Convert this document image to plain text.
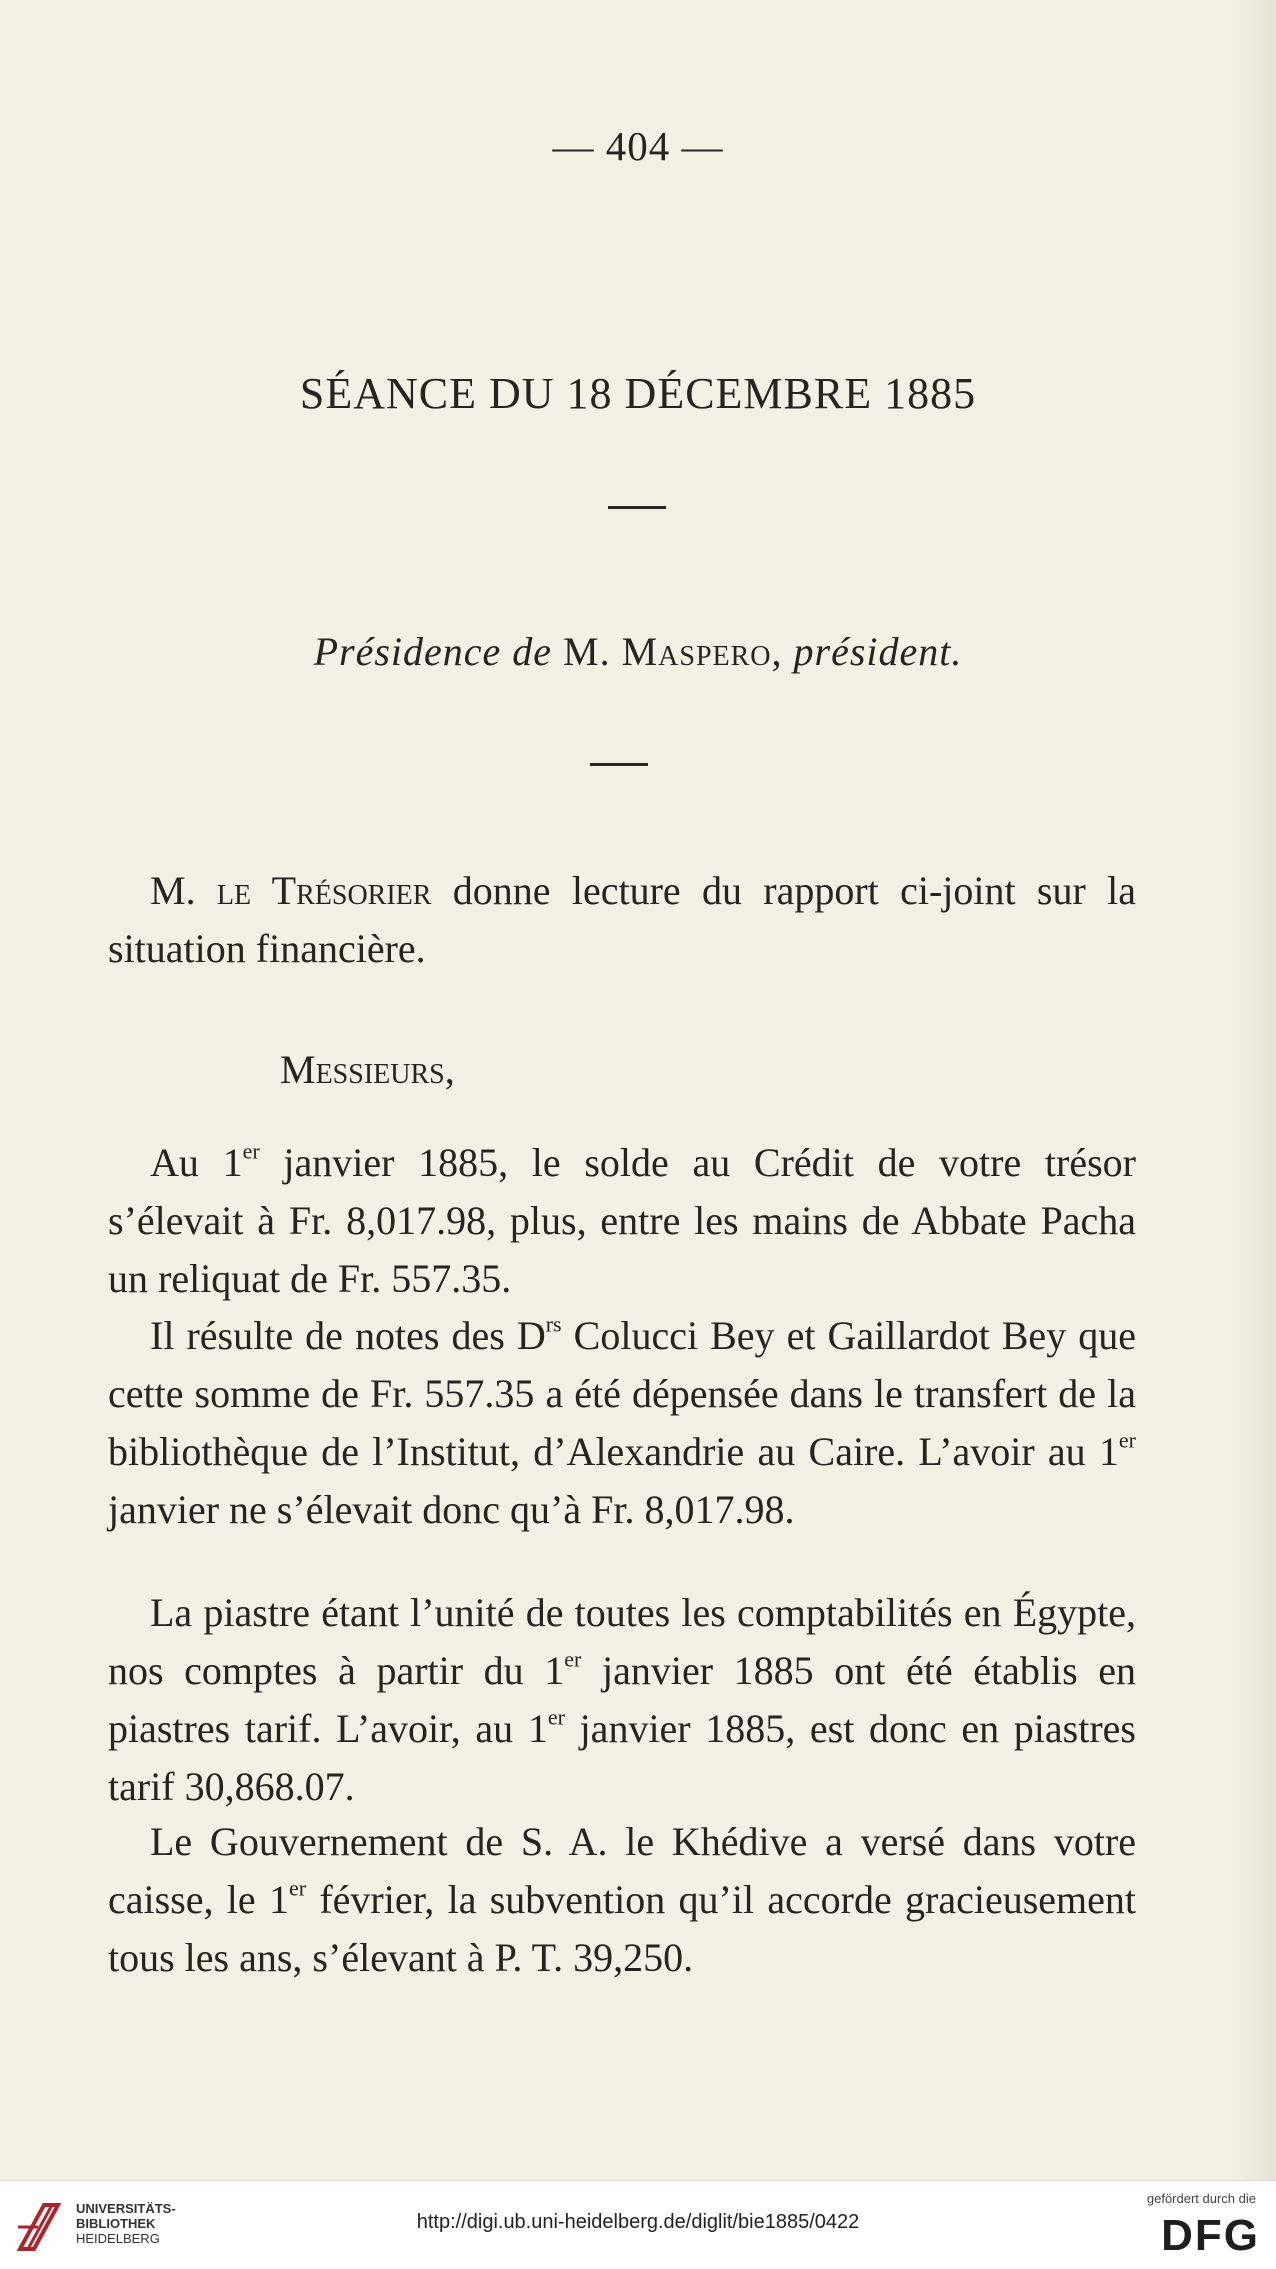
— 404 —
SÉANCE DU 18 DÉCEMBRE 1885
Présidence de M. Maspero, président.

M. le Trésorier donne lecture du rapport ci-joint sur la situation financière.

Messieurs,

Au 1er janvier 1885, le solde au Crédit de votre trésor s’élevait à Fr. 8,017.98, plus, entre les mains de Abbate Pacha un reliquat de Fr. 557.35.

Il résulte de notes des $D^{rs}$ Colucci Bey et Gaillardot Bey que cette somme de Fr. 557.35 a été dépensée dans le transfert de la bibliothèque de l’Institut, d’Alexandrie au Caire. L’avoir au 1er janvier ne s’élevait donc qu’à Fr. 8,017.98.

La piastre étant l’unité de toutes les comptabilités en Égypte, nos comptes à partir du 1er janvier 1885 ont été établis en piastres tarif. L’avoir, au 1er janvier 1885, est donc en piastres tarif 30,868.07.

Le Gouvernement de S. A. le Khédive a versé dans votre caisse, le 1er février, la subvention qu’il accorde gracieusement tous les ans, s’élevant à P. T. 39,250.

UNIVERSITÄTS-
BIBLIOTHEK
HEIDELBERG
http://digi.ub.uni-heidelberg.de/diglit/bie1885/0422
gefördert durch die
DFG
